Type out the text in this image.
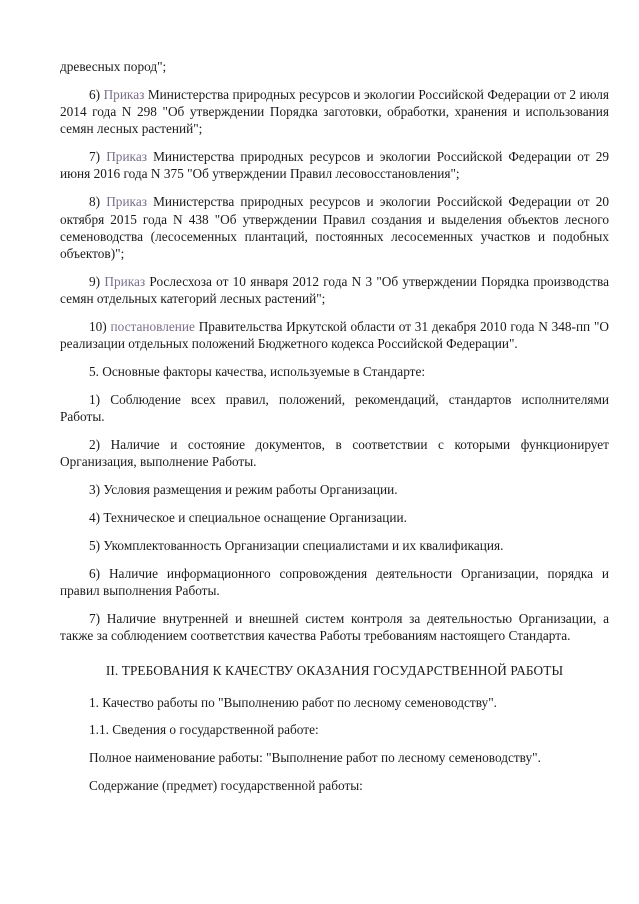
древесных пород";

6) Приказ Министерства природных ресурсов и экологии Российской Федерации от 2 июля 2014 года N 298 "Об утверждении Порядка заготовки, обработки, хранения и использования семян лесных растений";

7) Приказ Министерства природных ресурсов и экологии Российской Федерации от 29 июня 2016 года N 375 "Об утверждении Правил лесовосстановления";

8) Приказ Министерства природных ресурсов и экологии Российской Федерации от 20 октября 2015 года N 438 "Об утверждении Правил создания и выделения объектов лесного семеноводства (лесосеменных плантаций, постоянных лесосеменных участков и подобных объектов)";

9) Приказ Рослесхоза от 10 января 2012 года N 3 "Об утверждении Порядка производства семян отдельных категорий лесных растений";

10) постановление Правительства Иркутской области от 31 декабря 2010 года N 348-пп "О реализации отдельных положений Бюджетного кодекса Российской Федерации".

5. Основные факторы качества, используемые в Стандарте:

1) Соблюдение всех правил, положений, рекомендаций, стандартов исполнителями Работы.

2) Наличие и состояние документов, в соответствии с которыми функционирует Организация, выполнение Работы.

3) Условия размещения и режим работы Организации.

4) Техническое и специальное оснащение Организации.

5) Укомплектованность Организации специалистами и их квалификация.

6) Наличие информационного сопровождения деятельности Организации, порядка и правил выполнения Работы.

7) Наличие внутренней и внешней систем контроля за деятельностью Организации, а также за соблюдением соответствия качества Работы требованиям настоящего Стандарта.

II. ТРЕБОВАНИЯ К КАЧЕСТВУ ОКАЗАНИЯ ГОСУДАРСТВЕННОЙ РАБОТЫ

1. Качество работы по "Выполнению работ по лесному семеноводству".

1.1. Сведения о государственной работе:

Полное наименование работы: "Выполнение работ по лесному семеноводству".

Содержание (предмет) государственной работы:
